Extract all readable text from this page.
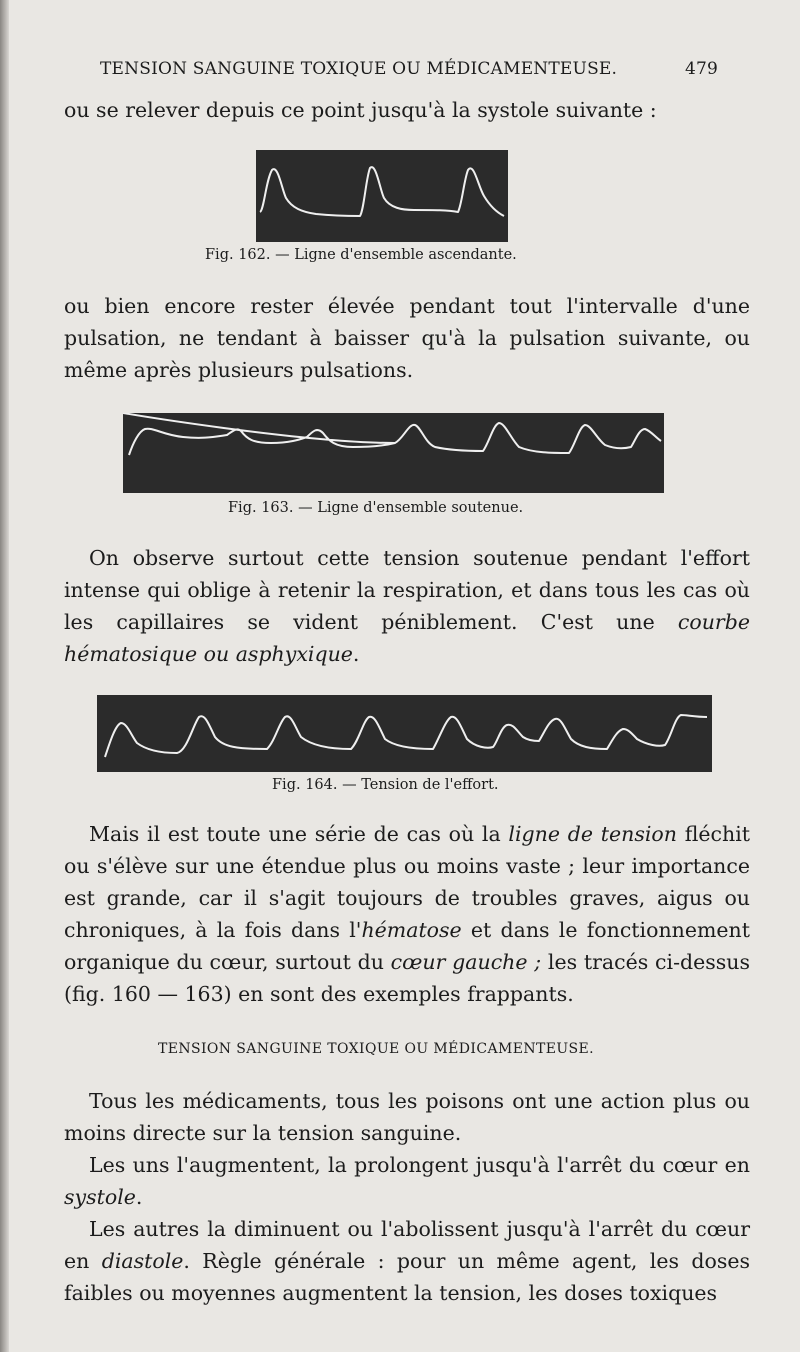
TENSION SANGUINE TOXIQUE OU MÉDICAMENTEUSE.	479

ou se relever depuis ce point jusqu'à la systole suivante :

Fig. 162. — Ligne d'ensemble ascendante.

ou bien encore rester élevée pendant tout l'intervalle d'une pulsation, ne tendant à baisser qu'à la pulsation suivante, ou même après plusieurs pulsations.

Fig. 163. — Ligne d'ensemble soutenue.

On observe surtout cette tension soutenue pendant l'effort intense qui oblige à retenir la respiration, et dans tous les cas où les capillaires se vident péniblement. C'est une courbe hématosique ou asphyxique.

Fig. 164. — Tension de l'effort.

Mais il est toute une série de cas où la ligne de tension fléchit ou s'élève sur une étendue plus ou moins vaste ; leur importance est grande, car il s'agit toujours de troubles graves, aigus ou chroniques, à la fois dans l'hématose et dans le fonctionnement organique du cœur, surtout du cœur gauche ; les tracés ci-dessus (fig. 160 — 163) en sont des exemples frappants.

TENSION SANGUINE TOXIQUE OU MÉDICAMENTEUSE.

Tous les médicaments, tous les poisons ont une action plus ou moins directe sur la tension sanguine.

Les uns l'augmentent, la prolongent jusqu'à l'arrêt du cœur en systole.

Les autres la diminuent ou l'abolissent jusqu'à l'arrêt du cœur en diastole. Règle générale : pour un même agent, les doses faibles ou moyennes augmentent la tension, les doses toxiques
